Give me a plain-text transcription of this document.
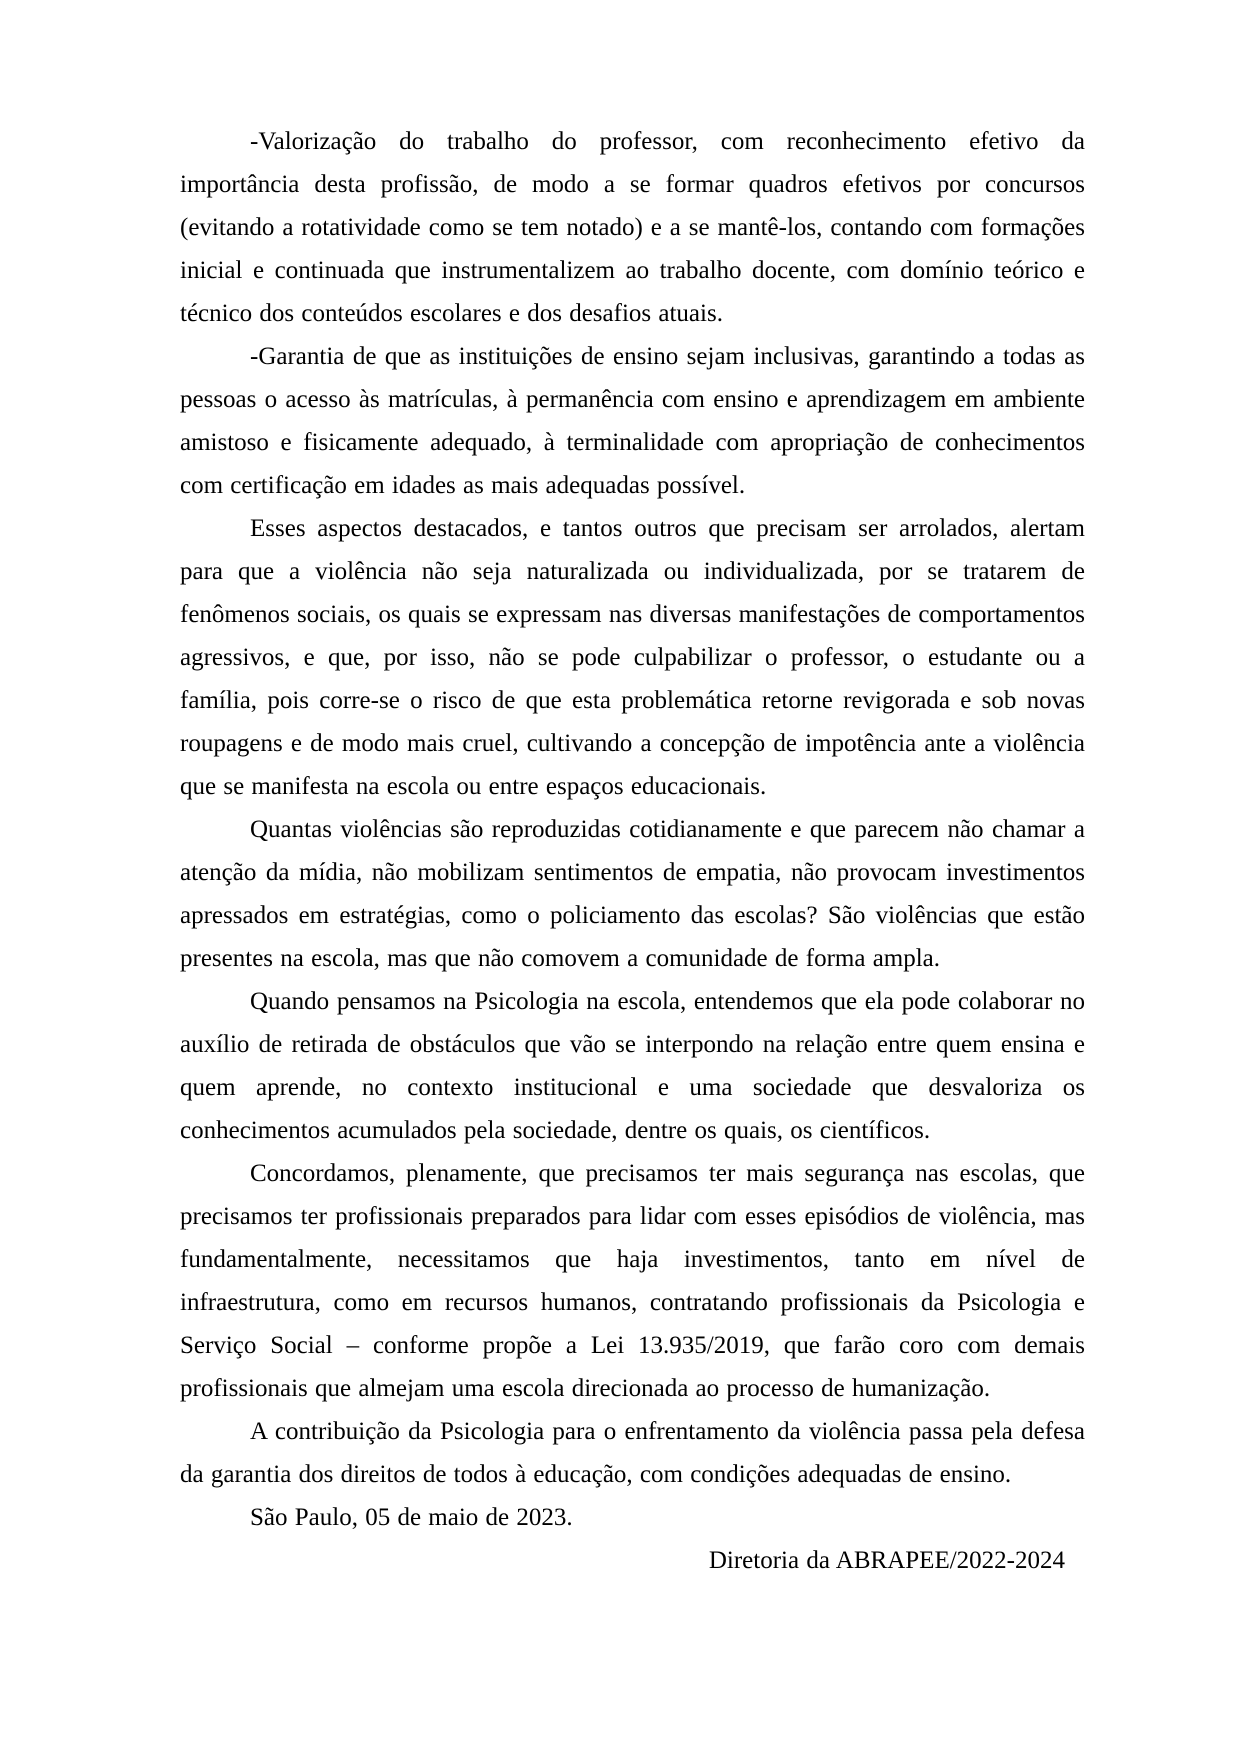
-Valorização do trabalho do professor, com reconhecimento efetivo da importância desta profissão, de modo a se formar quadros efetivos por concursos (evitando a rotatividade como se tem notado) e a se mantê-los, contando com formações inicial e continuada que instrumentalizem ao trabalho docente, com domínio teórico e técnico dos conteúdos escolares e dos desafios atuais.

-Garantia de que as instituições de ensino sejam inclusivas, garantindo a todas as pessoas o acesso às matrículas, à permanência com ensino e aprendizagem em ambiente amistoso e fisicamente adequado, à terminalidade com apropriação de conhecimentos com certificação em idades as mais adequadas possível.

Esses aspectos destacados, e tantos outros que precisam ser arrolados, alertam para que a violência não seja naturalizada ou individualizada, por se tratarem de fenômenos sociais, os quais se expressam nas diversas manifestações de comportamentos agressivos, e que, por isso, não se pode culpabilizar o professor, o estudante ou a família, pois corre-se o risco de que esta problemática retorne revigorada e sob novas roupagens e de modo mais cruel, cultivando a concepção de impotência ante a violência que se manifesta na escola ou entre espaços educacionais.

Quantas violências são reproduzidas cotidianamente e que parecem não chamar a atenção da mídia, não mobilizam sentimentos de empatia, não provocam investimentos apressados em estratégias, como o policiamento das escolas? São violências que estão presentes na escola, mas que não comovem a comunidade de forma ampla.

Quando pensamos na Psicologia na escola, entendemos que ela pode colaborar no auxílio de retirada de obstáculos que vão se interpondo na relação entre quem ensina e quem aprende, no contexto institucional e uma sociedade que desvaloriza os conhecimentos acumulados pela sociedade, dentre os quais, os científicos.

Concordamos, plenamente, que precisamos ter mais segurança nas escolas, que precisamos ter profissionais preparados para lidar com esses episódios de violência, mas fundamentalmente, necessitamos que haja investimentos, tanto em nível de infraestrutura, como em recursos humanos, contratando profissionais da Psicologia e Serviço Social – conforme propõe a Lei 13.935/2019, que farão coro com demais profissionais que almejam uma escola direcionada ao processo de humanização.

A contribuição da Psicologia para o enfrentamento da violência passa pela defesa da garantia dos direitos de todos à educação, com condições adequadas de ensino.

São Paulo, 05 de maio de 2023.

Diretoria da ABRAPEE/2022-2024
